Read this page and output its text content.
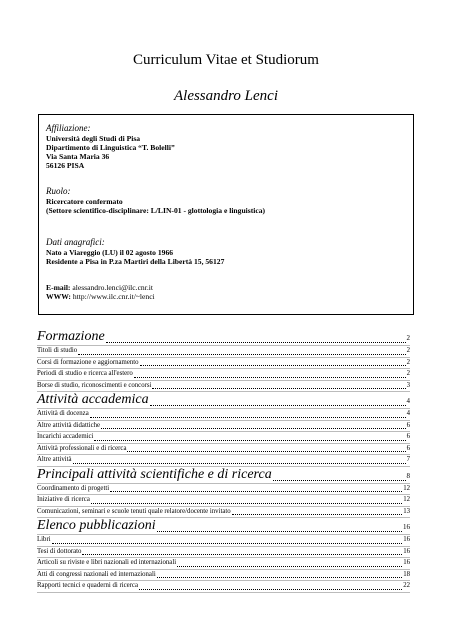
Curriculum Vitae et Studiorum
Alessandro Lenci
Affiliazione:
Università degli Studi di Pisa
Dipartimento di Linguistica “T. Bolelli”
Via Santa Maria 36
56126 PISA
Ruolo:
Ricercatore confermato
(Settore scientifico-disciplinare: L/LIN-01 - glottologia e linguistica)
Dati anagrafici:
Nato a Viareggio (LU) il 02 agosto 1966
Residente a Pisa in P.za Martiri della Libertà 15, 56127
E-mail: alessandro.lenci@ilc.cnr.it
WWW: http://www.ilc.cnr.it/~lenci
Formazione	2
Titoli di studio	2
Corsi di formazione e aggiornamento	2
Periodi di studio e ricerca all'estero	2
Borse di studio, riconoscimenti e concorsi	3
Attività accademica	4
Attività di docenza	4
Altre attività didattiche	6
Incarichi accademici	6
Attività professionali e di ricerca	6
Altre attività	7
Principali attività scientifiche e di ricerca	8
Coordinamento di progetti	12
Iniziative di ricerca	12
Comunicazioni, seminari e scuole tenuti quale relatore/docente invitato	13
Elenco pubblicazioni	16
Libri	16
Tesi di dottorato	16
Articoli su riviste e libri nazionali ed internazionali	16
Atti di congressi nazionali ed internazionali	18
Rapporti tecnici e quaderni di ricerca	22
